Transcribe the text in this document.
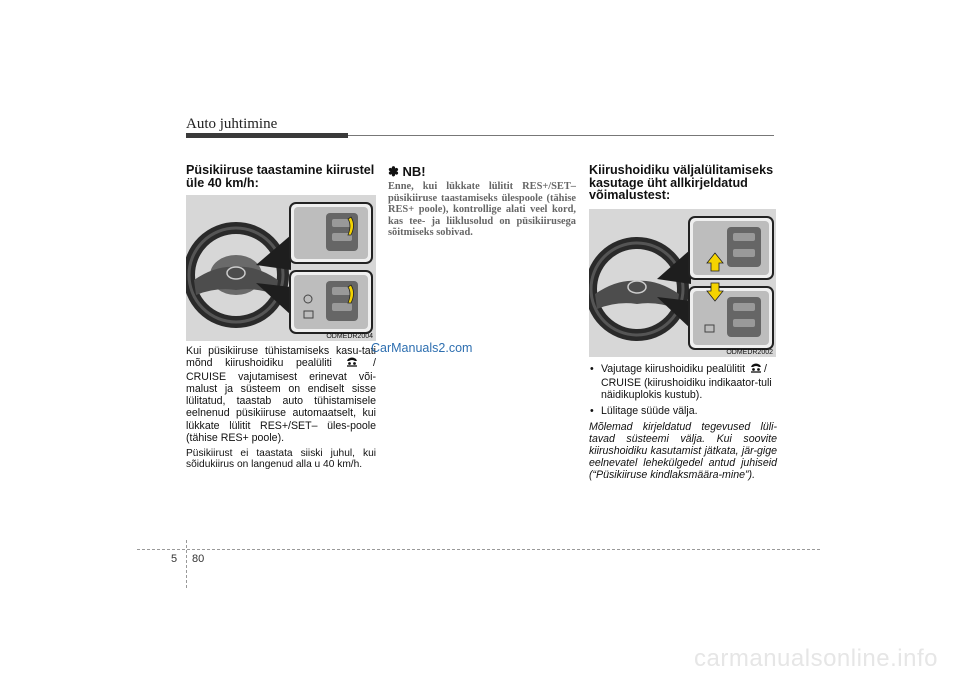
Auto juhtimine
Püsikiiruse taastamine kiirustel üle 40 km/h:
ODMEDR2004

Kui püsikiiruse tühistamiseks kasu-tati mõnd kiirushoidiku pealüliti	/ CRUISE vajutamisest erinevat või-malust ja süsteem on endiselt sisse lülitatud, taastab auto tühistamisele eelnenud püsikiiruse automaatselt, kui lükkate lülitit RES+/SET– üles-poole (tähise RES+ poole).

Püsikiirust ei taastata siiski juhul, kui sõidukiirus on langenud alla u 40 km/h.

✽ NB!

Enne, kui lükkate lülitit RES+/SET– püsikiiruse taastamiseks ülespoole (tähise RES+ poole), kontrollige alati veel kord, kas tee- ja liiklusolud on püsikiirusega sõitmiseks sobivad.

Kiirushoidiku väljalülitamiseks kasutage üht allkirjeldatud võimalustest:
ODMEDR2002
• Vajutage kiirushoidiku pealülitit / CRUISE (kiirushoidiku indikaator-tuli näidikuplokis kustub).
• Lülitage süüde välja.

Mõlemad kirjeldatud tegevused lüli-tavad süsteemi välja. Kui soovite kiirushoidiku kasutamist jätkata, jär-gige eelnevatel lehekülgedel antud juhiseid (“Püsikiiruse kindlaksmäära-mine”).

CarManuals2.com
5 80
carmanualsonline.info
